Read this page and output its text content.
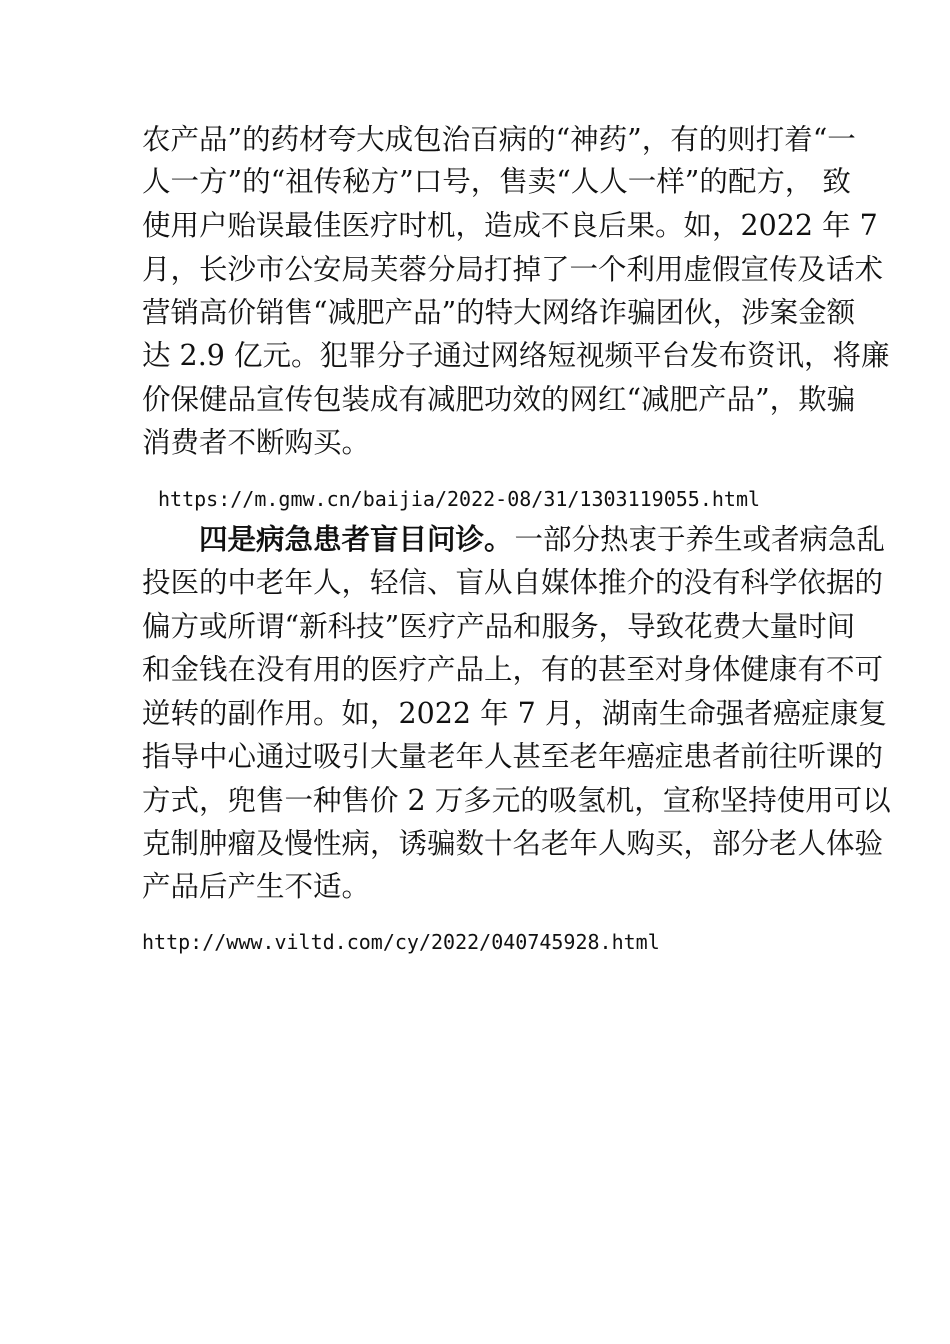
农产品”的药材夸大成包治百病的“神药”，有的则打着“一
人一方”的“祖传秘方”口号，售卖“人人一样”的配方， 致
使用户贻误最佳医疗时机，造成不良后果。如，2022 年 7
月，长沙市公安局芙蓉分局打掉了一个利用虚假宣传及话术
营销高价销售“减肥产品”的特大网络诈骗团伙，涉案金额
达 2.9 亿元。犯罪分子通过网络短视频平台发布资讯，将廉
价保健品宣传包装成有减肥功效的网红“减肥产品”，欺骗
消费者不断购买。
https://m.gmw.cn/baijia/2022-08/31/1303119055.html
四是病急患者盲目问诊。 一部分热衷于养生或者病急乱
投医的中老年人，轻信、盲从自媒体推介的没有科学依据的
偏方或所谓“新科技”医疗产品和服务，导致花费大量时间
和金钱在没有用的医疗产品上，有的甚至对身体健康有不可
逆转的副作用。如，2022 年 7 月，湖南生命强者癌症康复
指导中心通过吸引大量老年人甚至老年癌症患者前往听课的
方式，兜售一种售价 2 万多元的吸氢机，宣称坚持使用可以
克制肿瘤及慢性病，诱骗数十名老年人购买，部分老人体验
产品后产生不适。
http://www.viltd.com/cy/2022/040745928.html
